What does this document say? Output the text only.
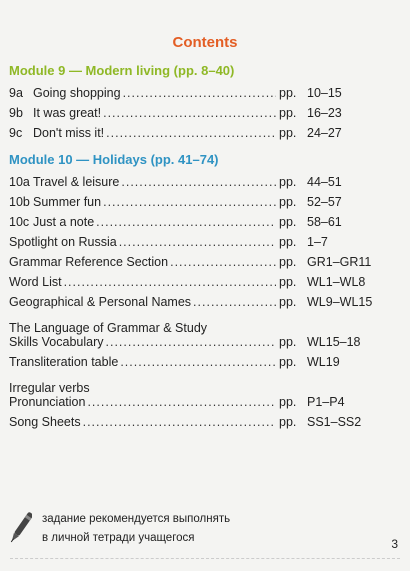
Contents
Module 9 — Modern living (pp. 8–40)
9a Going shopping .....	pp. 10–15
9b It was great! .....	pp. 16–23
9c Don't miss it! .....	pp. 24–27
Module 10 — Holidays (pp. 41–74)
10a Travel & leisure .....	pp. 44–51
10b Summer fun .....	pp. 52–57
10c Just a note .....	pp. 58–61
Spotlight on Russia .....	pp. 1–7
Grammar Reference Section .....	pp. GR1–GR11
Word List .....	pp. WL1–WL8
Geographical & Personal Names .....	pp. WL9–WL15
The Language of Grammar & Study
Skills Vocabulary .....	pp. WL15–18
Transliteration table .....	pp. WL19
Irregular verbs
Pronunciation .....	pp. P1–P4
Song Sheets .....	pp. SS1–SS2
задание рекомендуется выполнять
в личной тетради учащегося	3
